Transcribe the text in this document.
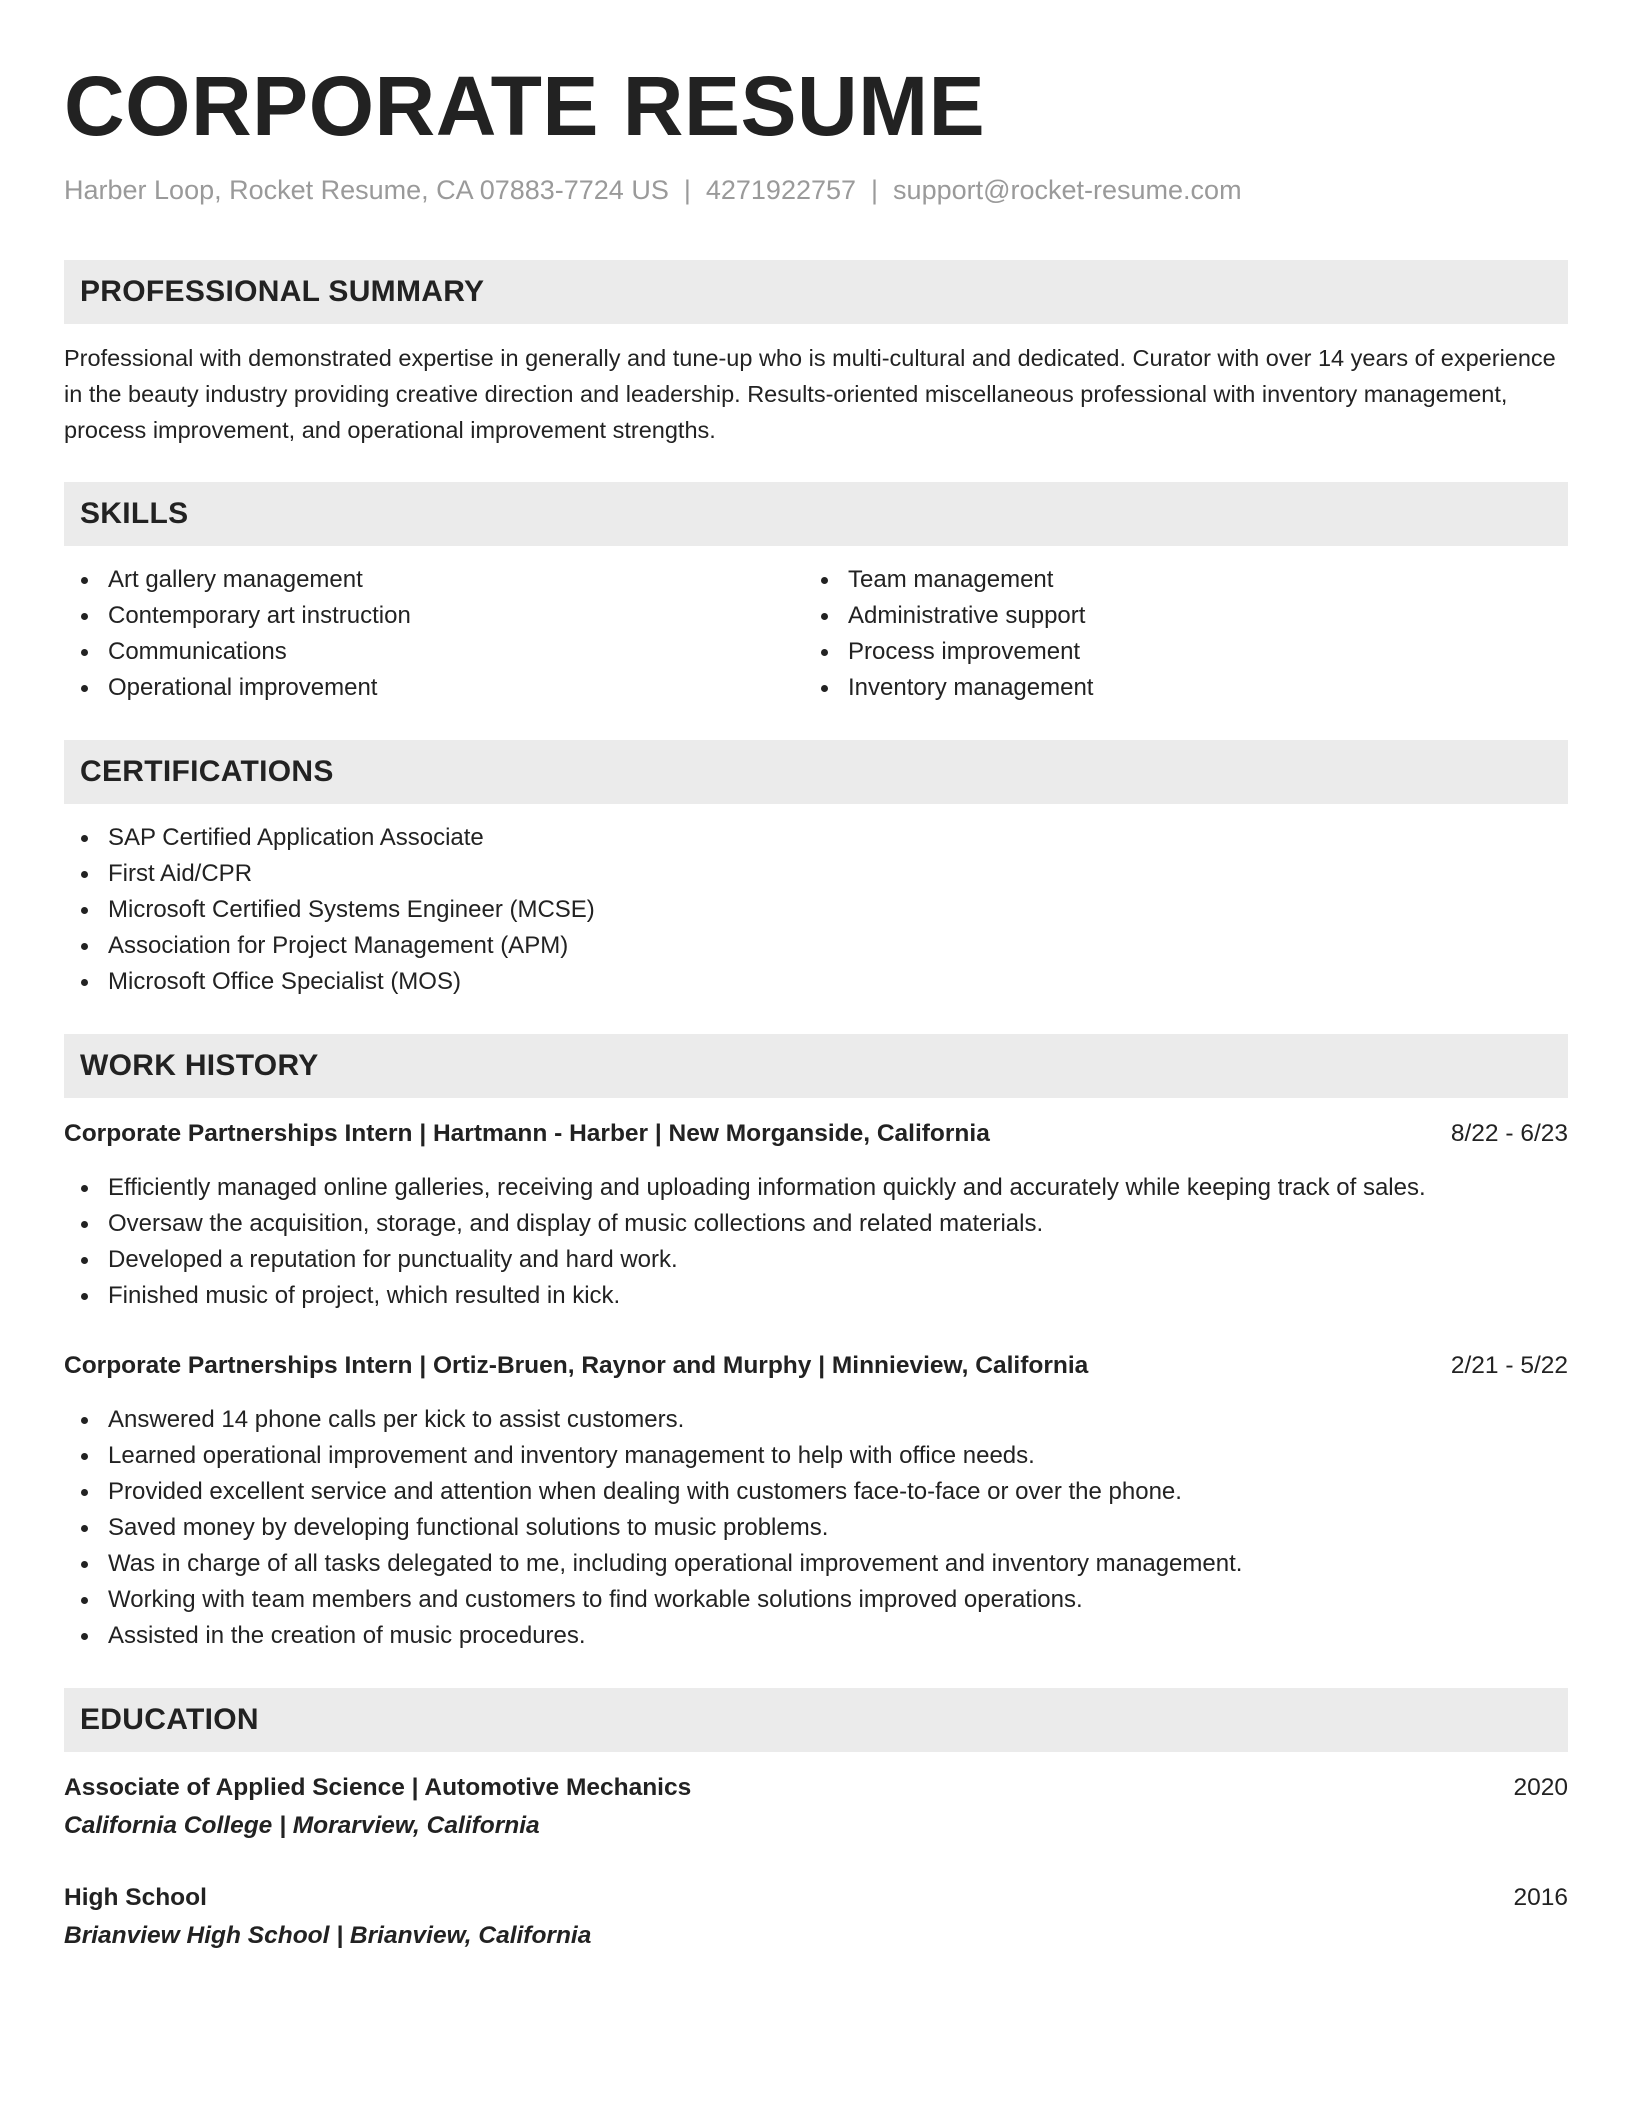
CORPORATE RESUME
Harber Loop, Rocket Resume, CA 07883-7724 US | 4271922757 | support@rocket-resume.com
PROFESSIONAL SUMMARY

Professional with demonstrated expertise in generally and tune-up who is multi-cultural and dedicated. Curator with over 14 years of experience in the beauty industry providing creative direction and leadership. Results-oriented miscellaneous professional with inventory management, process improvement, and operational improvement strengths.

SKILLS
Art gallery management
Contemporary art instruction
Communications
Operational improvement
Team management
Administrative support
Process improvement
Inventory management
CERTIFICATIONS
SAP Certified Application Associate
First Aid/CPR
Microsoft Certified Systems Engineer (MCSE)
Association for Project Management (APM)
Microsoft Office Specialist (MOS)
WORK HISTORY
Corporate Partnerships Intern | Hartmann - Harber | New Morganside, California	8/22 - 6/23
Efficiently managed online galleries, receiving and uploading information quickly and accurately while keeping track of sales.
Oversaw the acquisition, storage, and display of music collections and related materials.
Developed a reputation for punctuality and hard work.
Finished music of project, which resulted in kick.
Corporate Partnerships Intern | Ortiz-Bruen, Raynor and Murphy | Minnieview, California	2/21 - 5/22
Answered 14 phone calls per kick to assist customers.
Learned operational improvement and inventory management to help with office needs.
Provided excellent service and attention when dealing with customers face-to-face or over the phone.
Saved money by developing functional solutions to music problems.
Was in charge of all tasks delegated to me, including operational improvement and inventory management.
Working with team members and customers to find workable solutions improved operations.
Assisted in the creation of music procedures.
EDUCATION
Associate of Applied Science | Automotive Mechanics	2020
California College | Morarview, California
High School	2016
Brianview High School | Brianview, California
